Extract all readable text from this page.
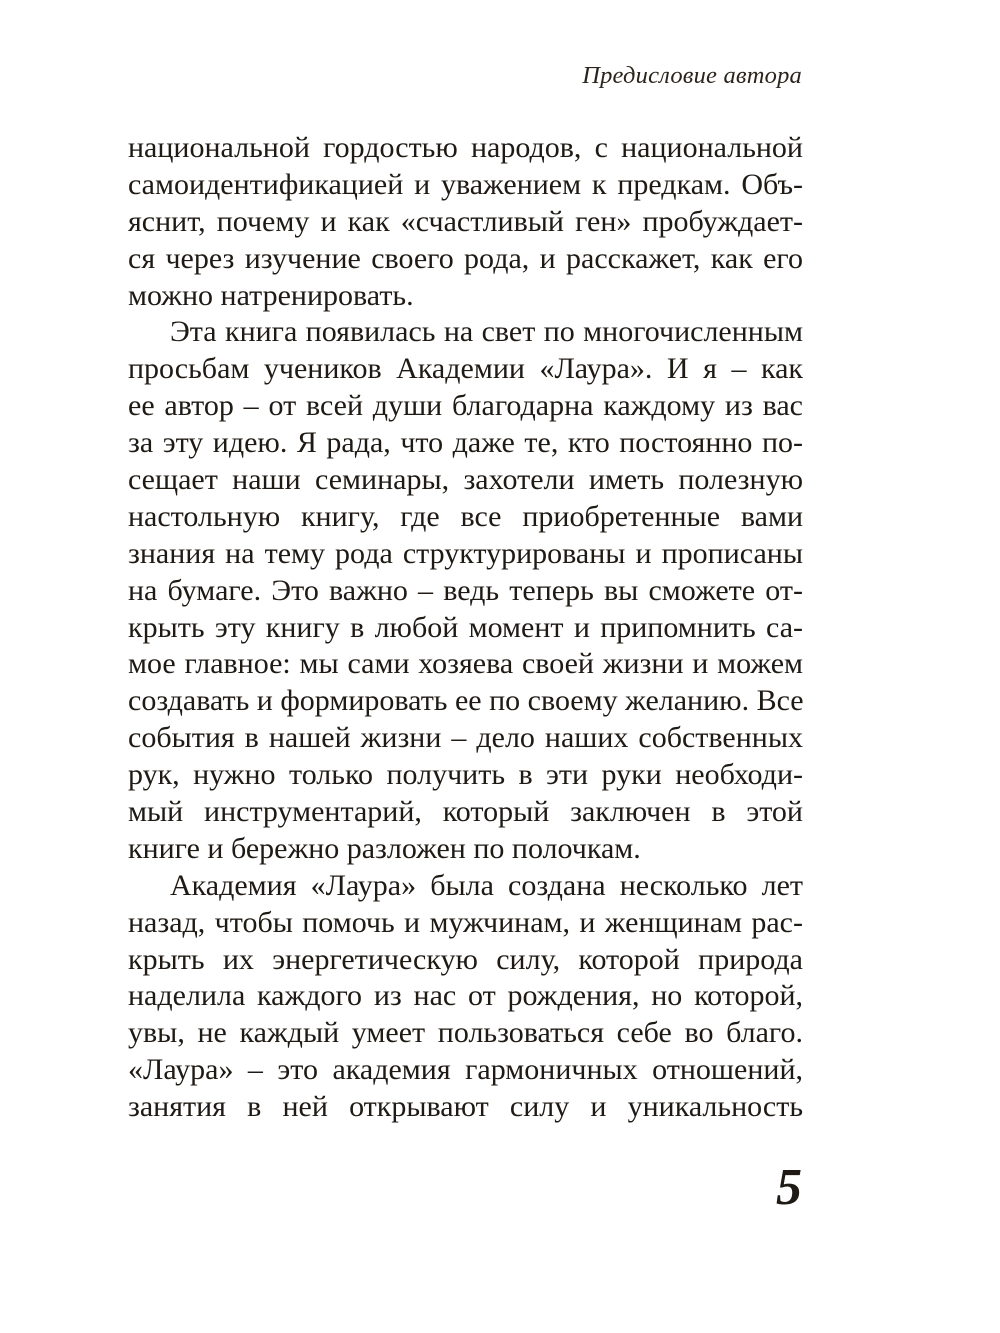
Предисловие автора
национальной гордостью народов, с национальной
самоидентификацией и уважением к предкам. Объ-
яснит, почему и как «счастливый ген» пробуждает-
ся через изучение своего рода, и расскажет, как его
можно натренировать.
Эта книга появилась на свет по многочисленным
просьбам учеников Академии «Лаура». И я – как
ее автор – от всей души благодарна каждому из вас
за эту идею. Я рада, что даже те, кто постоянно по-
сещает наши семинары, захотели иметь полезную
настольную книгу, где все приобретенные вами
знания на тему рода структурированы и прописаны
на бумаге. Это важно – ведь теперь вы сможете от-
крыть эту книгу в любой момент и припомнить са-
мое главное: мы сами хозяева своей жизни и можем
создавать и формировать ее по своему желанию. Все
события в нашей жизни – дело наших собственных
рук, нужно только получить в эти руки необходи-
мый инструментарий, который заключен в этой
книге и бережно разложен по полочкам.
Академия «Лаура» была создана несколько лет
назад, чтобы помочь и мужчинам, и женщинам рас-
крыть их энергетическую силу, которой природа
наделила каждого из нас от рождения, но которой,
увы, не каждый умеет пользоваться себе во благо.
«Лаура» – это академия гармоничных отношений,
занятия в ней открывают силу и уникальность
5
